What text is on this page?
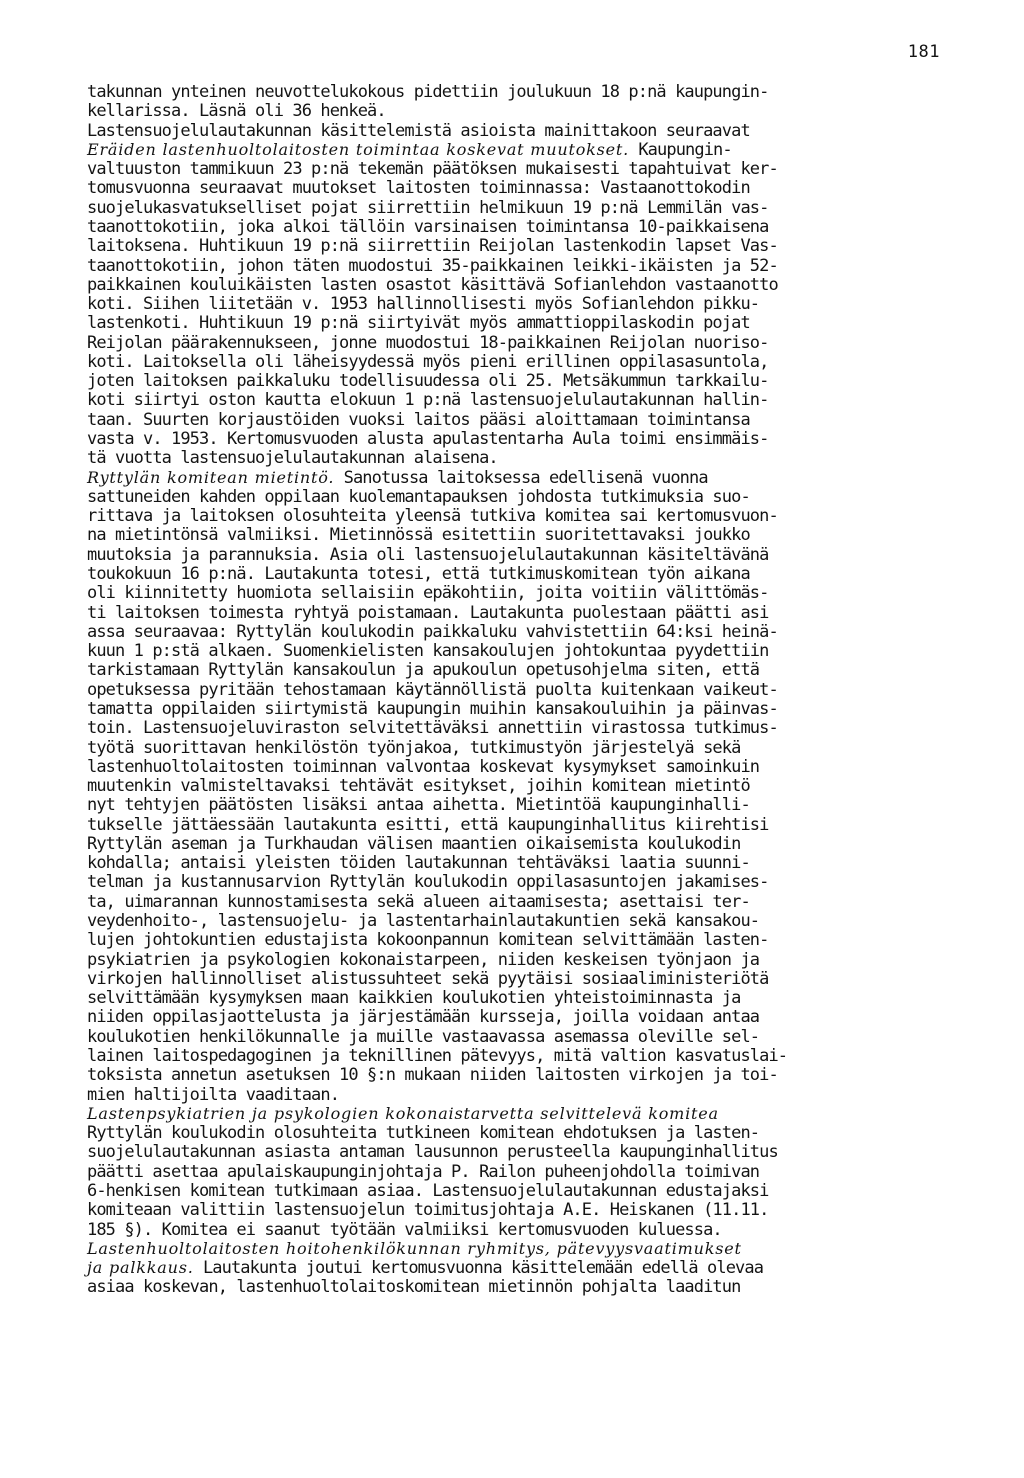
181
takunnan ynteinen neuvottelukokous pidettiin joulukuun 18 p:nä kaupungin-
kellarissa. Läsnä oli 36 henkeä.
Lastensuojelulautakunnan käsittelemistä asioista mainittakoon seuraavat
Eräiden lastenhuoltolaitosten toimintaa koskevat muutokset. Kaupungin-
valtuuston tammikuun 23 p:nä tekemän päätöksen mukaisesti tapahtuivat ker-
tomusvuonna seuraavat muutokset laitosten toiminnassa: Vastaanottokodin
suojelukasvatukselliset pojat siirrettiin helmikuun 19 p:nä Lemmilän vas-
taanottokotiin, joka alkoi tällöin varsinaisen toimintansa 10-paikkaisena
laitoksena. Huhtikuun 19 p:nä siirrettiin Reijolan lastenkodin lapset Vas-
taanottokotiin, johon täten muodostui 35-paikkainen leikki-ikäisten ja 52-
paikkainen kouluikäisten lasten osastot käsittävä Sofianlehdon vastaanotto
koti. Siihen liitetään v. 1953 hallinnollisesti myös Sofianlehdon pikku-
lastenkoti. Huhtikuun 19 p:nä siirtyivät myös ammattioppilaskodin pojat
Reijolan päärakennukseen, jonne muodostui 18-paikkainen Reijolan nuoriso-
koti. Laitoksella oli läheisyydessä myös pieni erillinen oppilasasuntola,
joten laitoksen paikkaluku todellisuudessa oli 25. Metsäkummun tarkkailu-
koti siirtyi oston kautta elokuun 1 p:nä lastensuojelulautakunnan hallin-
taan. Suurten korjaustöiden vuoksi laitos pääsi aloittamaan toimintansa
vasta v. 1953. Kertomusvuoden alusta apulastentarha Aula toimi ensimmäis-
tä vuotta lastensuojelulautakunnan alaisena.
Ryttylän komitean mietintö. Sanotussa laitoksessa edellisenä vuonna
sattuneiden kahden oppilaan kuolemantapauksen johdosta tutkimuksia suo-
rittava ja laitoksen olosuhteita yleensä tutkiva komitea sai kertomusvuon-
na mietintönsä valmiiksi. Mietinnössä esitettiin suoritettavaksi joukko
muutoksia ja parannuksia. Asia oli lastensuojelulautakunnan käsiteltävänä
toukokuun 16 p:nä. Lautakunta totesi, että tutkimuskomitean työn aikana
oli kiinnitetty huomiota sellaisiin epäkohtiin, joita voitiin välittömäs-
ti laitoksen toimesta ryhtyä poistamaan. Lautakunta puolestaan päätti asi
assa seuraavaa: Ryttylän koulukodin paikkaluku vahvistettiin 64:ksi heinä-
kuun 1 p:stä alkaen. Suomenkielisten kansakoulujen johtokuntaa pyydettiin
tarkistamaan Ryttylän kansakoulun ja apukoulun opetusohjelma siten, että
opetuksessa pyritään tehostamaan käytännöllistä puolta kuitenkaan vaikeut-
tamatta oppilaiden siirtymistä kaupungin muihin kansakouluihin ja päinvas-
toin. Lastensuojeluviraston selvitettäväksi annettiin virastossa tutkimus-
työtä suorittavan henkilöstön työnjakoa, tutkimustyön järjestelyä sekä
lastenhuoltolaitosten toiminnan valvontaa koskevat kysymykset samoinkuin
muutenkin valmisteltavaksi tehtävät esitykset, joihin komitean mietintö
nyt tehtyjen päätösten lisäksi antaa aihetta. Mietintöä kaupunginhalli-
tukselle jättäessään lautakunta esitti, että kaupunginhallitus kiirehtisi
Ryttylän aseman ja Turkhaudan välisen maantien oikaisemista koulukodin
kohdalla; antaisi yleisten töiden lautakunnan tehtäväksi laatia suunni-
telman ja kustannusarvion Ryttylän koulukodin oppilasasuntojen jakamises-
ta, uimarannan kunnostamisesta sekä alueen aitaamisesta; asettaisi ter-
veydenhoito-, lastensuojelu- ja lastentarhainlautakuntien sekä kansakou-
lujen johtokuntien edustajista kokoonpannun komitean selvittämään lasten-
psykiatrien ja psykologien kokonaistarpeen, niiden keskeisen työnjaon ja
virkojen hallinnolliset alistussuhteet sekä pyytäisi sosiaaliministeriötä
selvittämään kysymyksen maan kaikkien koulukotien yhteistoiminnasta ja
niiden oppilasjaottelusta ja järjestämään kursseja, joilla voidaan antaa
koulukotien henkilökunnalle ja muille vastaavassa asemassa oleville sel-
lainen laitospedagoginen ja teknillinen pätevyys, mitä valtion kasvatuslai-
toksista annetun asetuksen 10 §:n mukaan niiden laitosten virkojen ja toi-
mien haltijoilta vaaditaan.
Lastenpsykiatrien ja psykologien kokonaistarvetta selvittelevä komitea
Ryttylän koulukodin olosuhteita tutkineen komitean ehdotuksen ja lasten-
suojelulautakunnan asiasta antaman lausunnon perusteella kaupunginhallitus
päätti asettaa apulaiskaupunginjohtaja P. Railon puheenjohdolla toimivan
6-henkisen komitean tutkimaan asiaa. Lastensuojelulautakunnan edustajaksi
komiteaan valittiin lastensuojelun toimitusjohtaja A.E. Heiskanen (11.11.
185 §). Komitea ei saanut työtään valmiiksi kertomusvuoden kuluessa.
Lastenhuoltolaitosten hoitohenkilökunnan ryhmitys, pätevyysvaatimukset
ja palkkaus. Lautakunta joutui kertomusvuonna käsittelemään edellä olevaa
asiaa koskevan, lastenhuoltolaitoskomitean mietinnön pohjalta laaditun
